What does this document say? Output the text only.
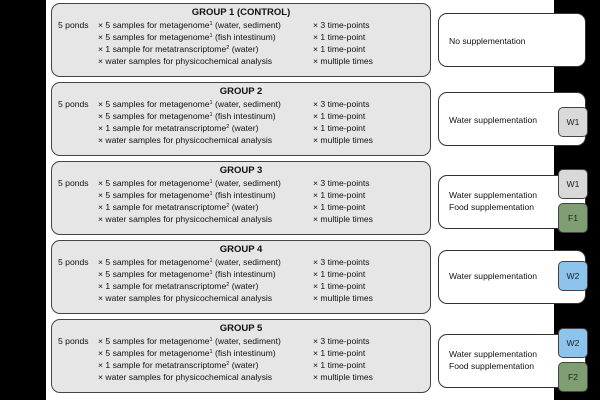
GROUP 1 (CONTROL)
5 ponds × 5 samples for metagenome$^1$ (water, sediment)	× 3 time-points
× 5 samples for metagenome$^1$ (fish intestinum)	× 1 time-point
× 1 sample for metatranscriptome$^2$ (water)	× 1 time-point
× water samples for physicochemical analysis	× multiple times
No supplementation
GROUP 2
5 ponds × 5 samples for metagenome$^1$ (water, sediment)	× 3 time-points
× 5 samples for metagenome$^1$ (fish intestinum)	× 1 time-point
× 1 sample for metatranscriptome$^2$ (water)	× 1 time-point
× water samples for physicochemical analysis	× multiple times
Water supplementation	W1
GROUP 3
5 ponds × 5 samples for metagenome$^1$ (water, sediment)	× 3 time-points
× 5 samples for metagenome$^1$ (fish intestinum)	× 1 time-point
× 1 sample for metatranscriptome$^2$ (water)	× 1 time-point
× water samples for physicochemical analysis	× multiple times
Water supplementation
Food supplementation
W1
F1
GROUP 4
5 ponds × 5 samples for metagenome$^1$ (water, sediment)	× 3 time-points
× 5 samples for metagenome$^1$ (fish intestinum)	× 1 time-point
× 1 sample for metatranscriptome$^2$ (water)	× 1 time-point
× water samples for physicochemical analysis	× multiple times
Water supplementation	W2
GROUP 5
5 ponds × 5 samples for metagenome$^1$ (water, sediment)	× 3 time-points
× 5 samples for metagenome$^1$ (fish intestinum)	× 1 time-point
× 1 sample for metatranscriptome$^2$ (water)	× 1 time-point
× water samples for physicochemical analysis	× multiple times
Water supplementation
Food supplementation
W2
F2
